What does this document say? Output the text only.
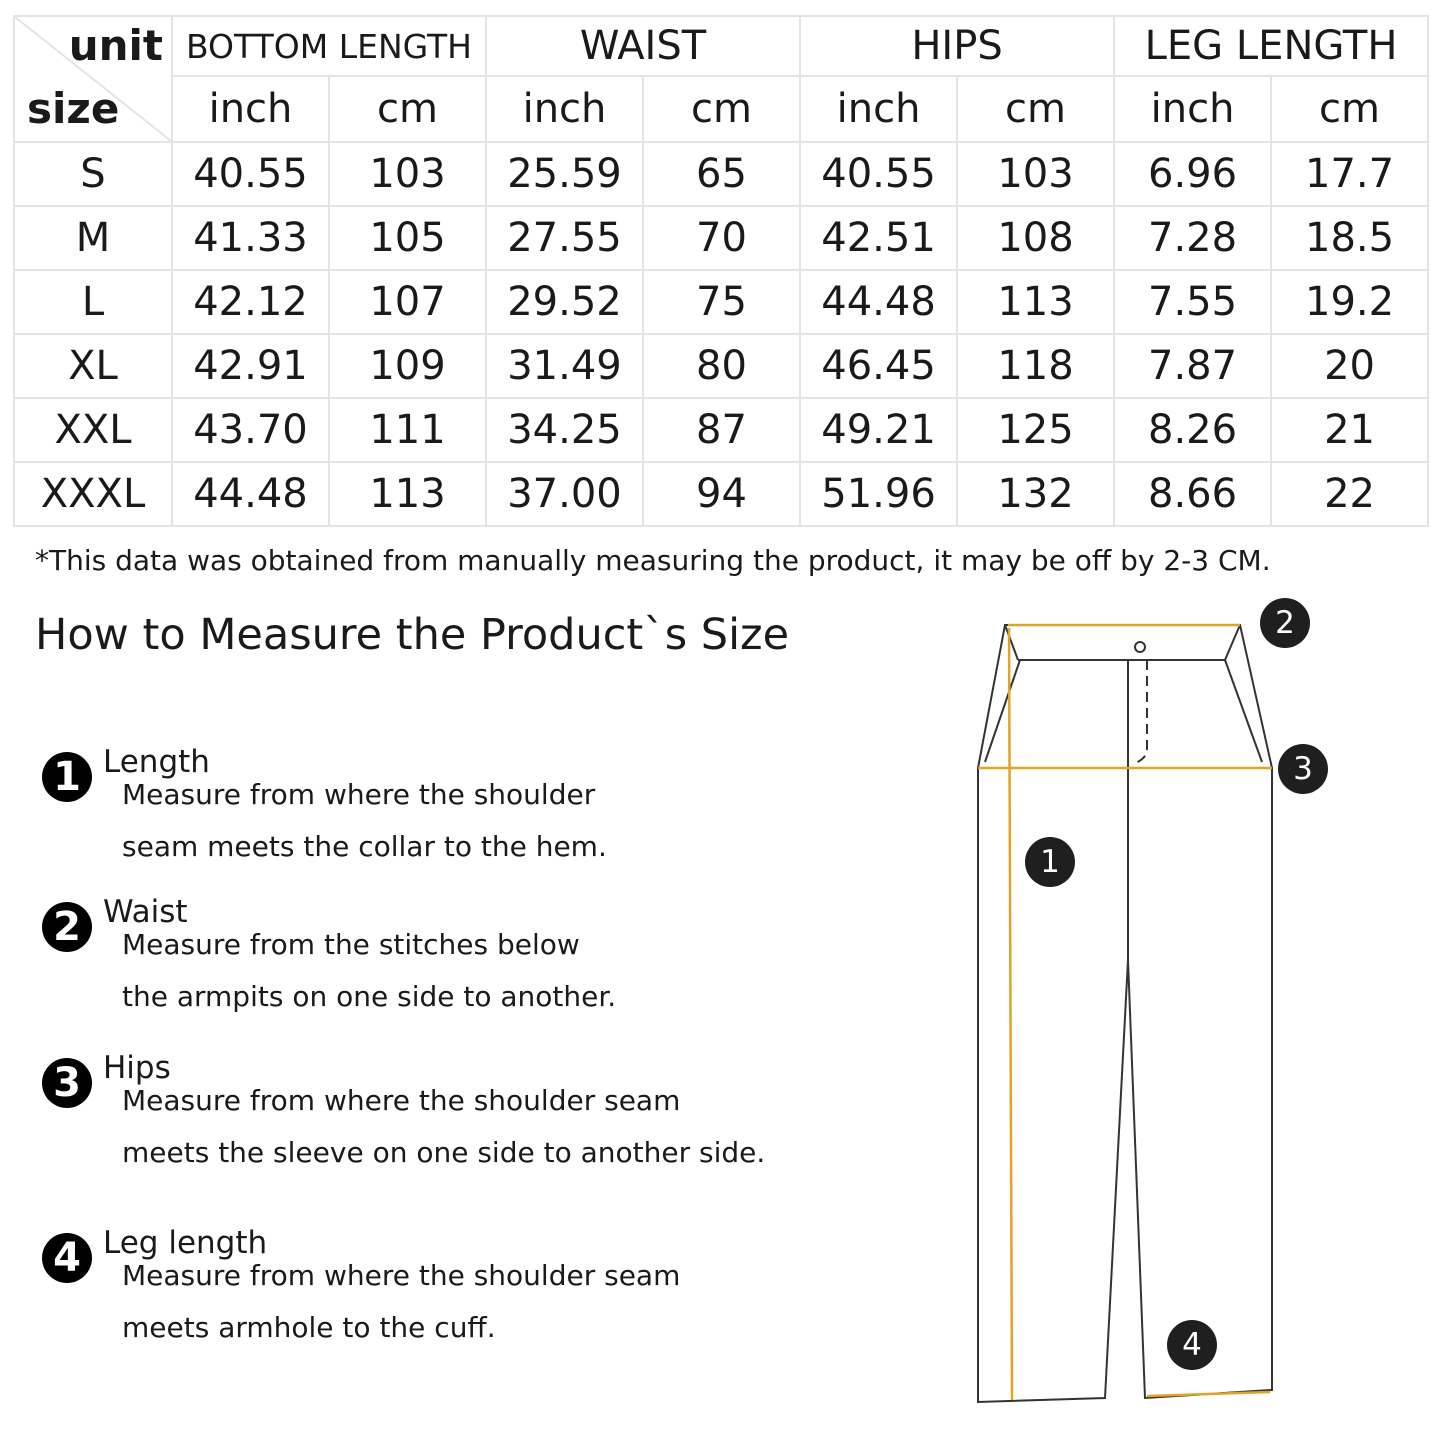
unit
size	BOTTOM LENGTH		WAIST		HIPS		LEG LENGTH	
	inch	cm	inch	cm	inch	cm	inch	cm
S	40.55	103	25.59	65	40.55	103	6.96	17.7
M	41.33	105	27.55	70	42.51	108	7.28	18.5
L	42.12	107	29.52	75	44.48	113	7.55	19.2
XL	42.91	109	31.49	80	46.45	118	7.87	20
XXL	43.70	111	34.25	87	49.21	125	8.26	21
XXXL	44.48	113	37.00	94	51.96	132	8.66	22
*This data was obtained from manually measuring the product, it may be off by 2-3 CM.
How to Measure the Product`s Size
1 Length
Measure from where the shoulder
seam meets the collar to the hem.
2 Waist
Measure from the stitches below
the armpits on one side to another.
3 Hips
Measure from where the shoulder seam
meets the sleeve on one side to another side.
4 Leg length
Measure from where the shoulder seam
meets armhole to the cuff.
1
2
3
4
